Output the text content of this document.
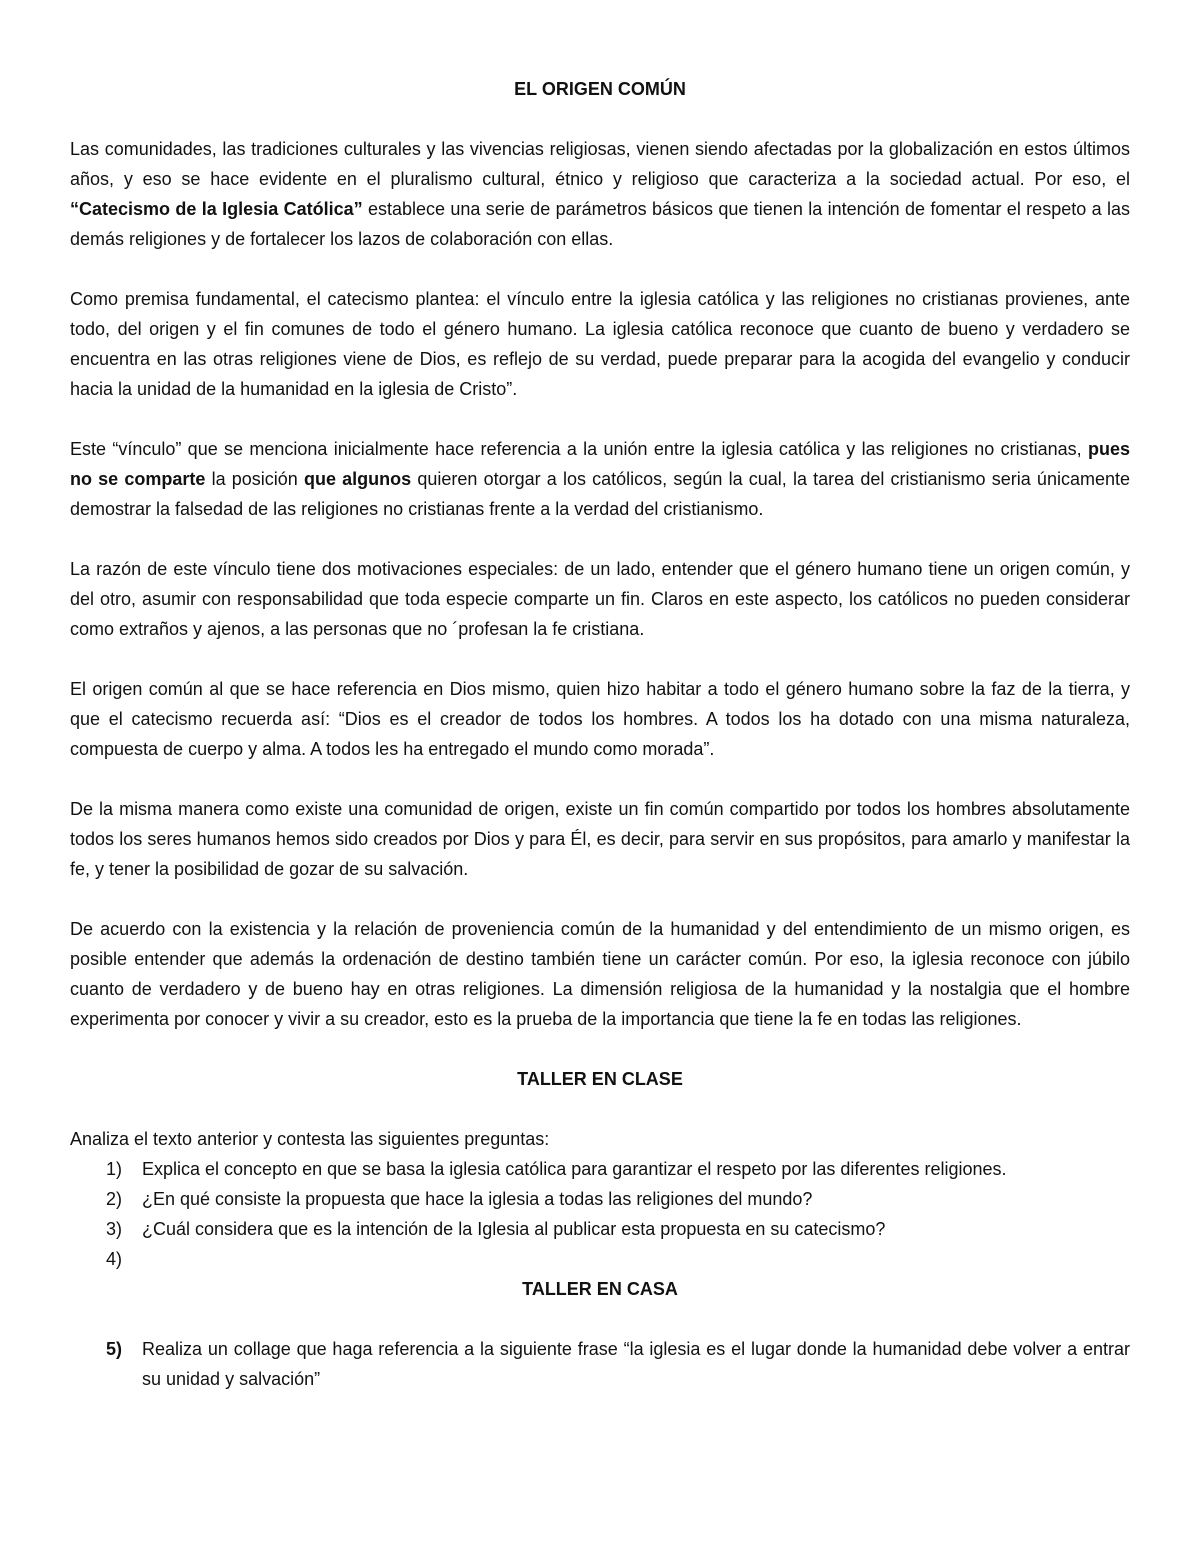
EL ORIGEN COMÚN

Las comunidades, las tradiciones culturales y las vivencias religiosas, vienen siendo afectadas por la globalización en estos últimos años, y eso se hace evidente en el pluralismo cultural, étnico y religioso que caracteriza a la sociedad actual. Por eso, el “Catecismo de la Iglesia Católica” establece una serie de parámetros básicos que tienen la intención de fomentar el respeto a las demás religiones y de fortalecer los lazos de colaboración con ellas.

Como premisa fundamental, el catecismo plantea: el vínculo entre la iglesia católica y las religiones no cristianas provienes, ante todo, del origen y el fin comunes de todo el género humano. La iglesia católica reconoce que cuanto de bueno y verdadero se encuentra en las otras religiones viene de Dios, es reflejo de su verdad, puede preparar para la acogida del evangelio y conducir hacia la unidad de la humanidad en la iglesia de Cristo”.

Este “vínculo” que se menciona inicialmente hace referencia a la unión entre la iglesia católica y las religiones no cristianas, pues no se comparte la posición que algunos quieren otorgar a los católicos, según la cual, la tarea del cristianismo seria únicamente demostrar la falsedad de las religiones no cristianas frente a la verdad del cristianismo.

La razón de este vínculo tiene dos motivaciones especiales: de un lado, entender que el género humano tiene un origen común, y del otro, asumir con responsabilidad que toda especie comparte un fin. Claros en este aspecto, los católicos no pueden considerar como extraños y ajenos, a las personas que no ´profesan la fe cristiana.

El origen común al que se hace referencia en Dios mismo, quien hizo habitar a todo el género humano sobre la faz de la tierra, y que el catecismo recuerda así: “Dios es el creador de todos los hombres. A todos los ha dotado con una misma naturaleza, compuesta de cuerpo y alma. A todos les ha entregado el mundo como morada”.

De la misma manera como existe una comunidad de origen, existe un fin común compartido por todos los hombres absolutamente todos los seres humanos hemos sido creados por Dios y para Él, es decir, para servir en sus propósitos, para amarlo y manifestar la fe, y tener la posibilidad de gozar de su salvación.

De acuerdo con la existencia y la relación de proveniencia común de la humanidad y del entendimiento de un mismo origen, es posible entender que además la ordenación de destino también tiene un carácter común. Por eso, la iglesia reconoce con júbilo cuanto de verdadero y de bueno hay en otras religiones. La dimensión religiosa de la humanidad y la nostalgia que el hombre experimenta por conocer y vivir a su creador, esto es la prueba de la importancia que tiene la fe en todas las religiones.

TALLER EN CLASE

Analiza el texto anterior y contesta las siguientes preguntas:

1)	Explica el concepto en que se basa la iglesia católica para garantizar el respeto por las diferentes religiones.
2)	¿En qué consiste la propuesta que hace la iglesia a todas las religiones del mundo?
3)	¿Cuál considera que es la intención de la Iglesia al publicar esta propuesta en su catecismo?
4)
TALLER EN CASA
5)	Realiza un collage que haga referencia a la siguiente frase “la iglesia es el lugar donde la humanidad debe volver a entrar su unidad y salvación”
